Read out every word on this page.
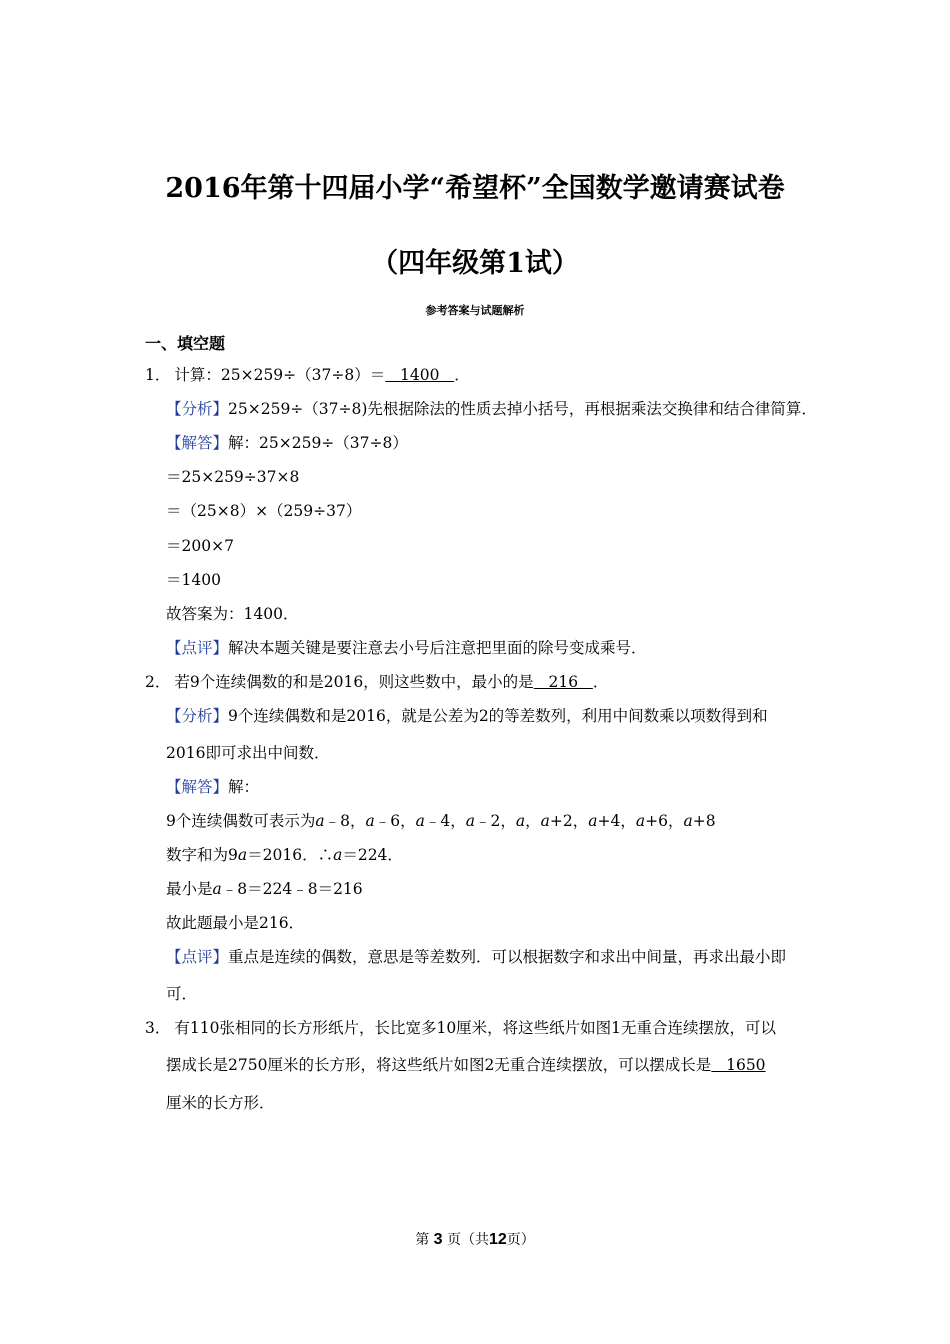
2016年第十四届小学“希望杯”全国数学邀请赛试卷
（四年级第1试）
参考答案与试题解析
一、填空题
1． 计算：25×259÷（37÷8）＝   1400   ．
【分析】25×259÷（37÷8)先根据除法的性质去掉小括号，再根据乘法交换律和结合律简算．
【解答】解：25×259÷（37÷8）
＝25×259÷37×8
＝（25×8）×（259÷37）
＝200×7
＝1400
故答案为：1400．
【点评】解决本题关键是要注意去小号后注意把里面的除号变成乘号．
2． 若9个连续偶数的和是2016，则这些数中，最小的是   216   ．
【分析】9个连续偶数和是2016，就是公差为2的等差数列，利用中间数乘以项数得到和
2016即可求出中间数．
【解答】解：
9个连续偶数可表示为a﹣8，a﹣6，a﹣4，a﹣2，a，a+2，a+4，a+6，a+8
数字和为9a＝2016．∴a＝224．
最小是a﹣8＝224﹣8＝216
故此题最小是216．
【点评】重点是连续的偶数，意思是等差数列．可以根据数字和求出中间量，再求出最小即
可．
3． 有110张相同的长方形纸片，长比宽多10厘米，将这些纸片如图1无重合连续摆放，可以
摆成长是2750厘米的长方形，将这些纸片如图2无重合连续摆放，可以摆成长是   1650
厘米的长方形．
第 3 页（共12页）
